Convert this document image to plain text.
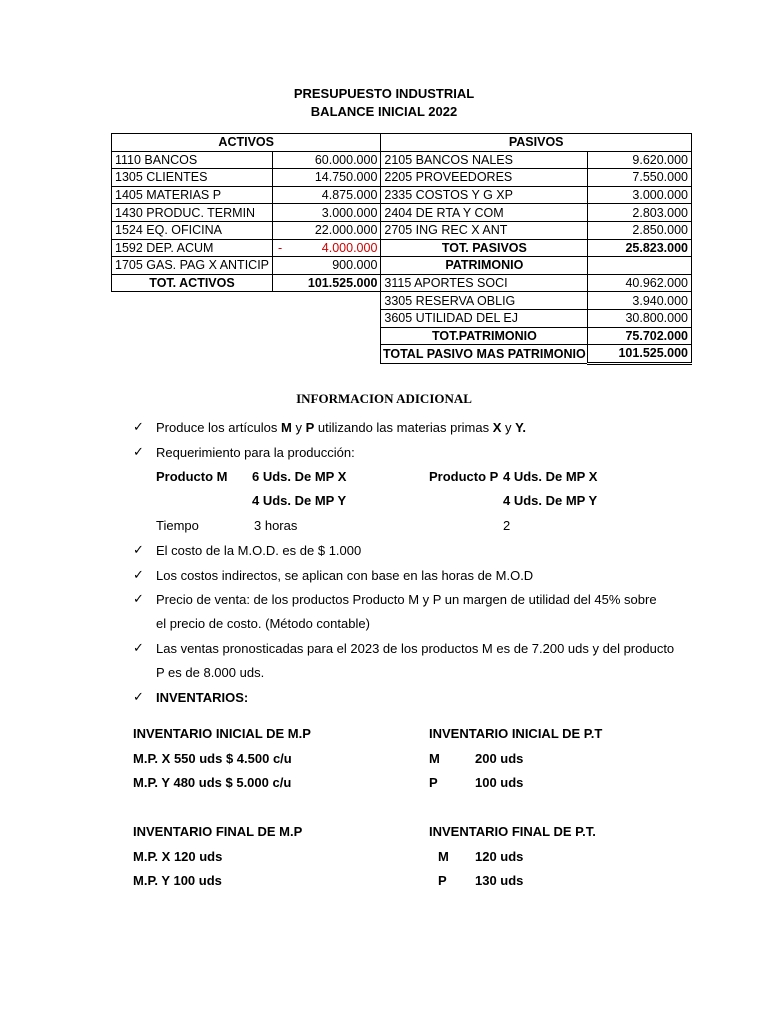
PRESUPUESTO INDUSTRIAL
BALANCE INICIAL 2022
ACTIVOS		PASIVOS	
1110 BANCOS	60.000.000	2105 BANCOS NALES	9.620.000
1305 CLIENTES	14.750.000	2205 PROVEEDORES	7.550.000
1405 MATERIAS P	4.875.000	2335 COSTOS Y G XP	3.000.000
1430 PRODUC. TERMIN	3.000.000	2404 DE RTA Y COM	2.803.000
1524 EQ. OFICINA	22.000.000	2705 ING REC X ANT	2.850.000
1592 DEP. ACUM	- 4.000.000	TOT. PASIVOS	25.823.000
1705 GAS. PAG X ANTICIP	900.000	PATRIMONIO	
TOT. ACTIVOS	101.525.000	3115 APORTES SOCI	40.962.000
		3305 RESERVA OBLIG	3.940.000
		3605 UTILIDAD DEL EJ	30.800.000
		TOT.PATRIMONIO	75.702.000
		TOTAL PASIVO MAS PATRIMONIO	101.525.000
INFORMACION ADICIONAL
✓ Produce los artículos M y P utilizando las materias primas X y Y.
✓ Requerimiento para la producción:
Producto M 6 Uds. De MP X
4 Uds. De MP Y
Producto P 4 Uds. De MP X
4 Uds. De MP Y
Tiempo	3 horas	2
✓ El costo de la M.O.D. es de $ 1.000
✓ Los costos indirectos, se aplican con base en las horas de M.O.D
✓ Precio de venta: de los productos Producto M y P un margen de utilidad del 45% sobre
el precio de costo. (Método contable)
✓ Las ventas pronosticadas para el 2023 de los productos M es de 7.200 uds y del producto
P es de 8.000 uds.
✓ INVENTARIOS:
INVENTARIO INICIAL DE M.P
M.P. X 550 uds $ 4.500 c/u
M.P. Y 480 uds $ 5.000 c/u
INVENTARIO INICIAL DE P.T
M	200 uds
P	100 uds
INVENTARIO FINAL DE M.P
M.P. X 120 uds
M.P. Y 100 uds
INVENTARIO FINAL DE P.T.
M 120 uds
P 130 uds
